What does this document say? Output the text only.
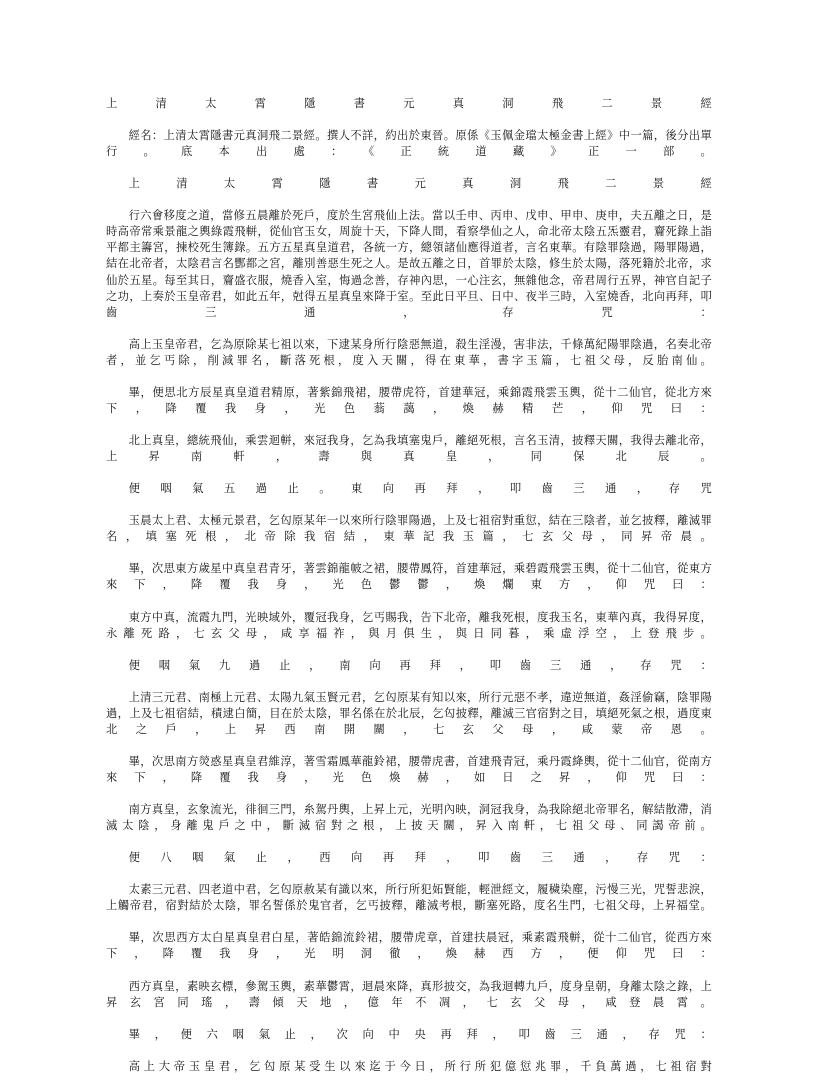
上清太霄隱書元真洞飛二景經

經名：上清太霄隱書元真洞飛二景經。撰人不詳，約出於東晉。原係《玉佩金璫太極金書上經》中一篇，後分出單行。底本出處：《正統道藏》正一部。

上清太霄隱書元真洞飛二景經

行六會移度之道，當修五晨離於死戶，度於生宮飛仙上法。當以壬申、丙申、戊申、甲申、庚申，夫五離之日，是時高帝常乘景龍之輿綠霞飛軿，從仙官玉女，周旋十天，下降人間，看察學仙之人，命北帝太陰五炁靈君，齎死錄上詣平都主籌宮，揀校死生簿錄。五方五星真皇道君，各統一方，總領諸仙應得道者，言名東華。有陰罪陰過，陽罪陽過，結在北帝者，太陰君言名酆都之宮，離別善惡生死之人。是故五離之日，首罪於太陰，修生於太陽，落死籍於北帝，求仙於五星。每至其日，齎盛衣服，燒香入室，悔過念善，存神內思，一心注玄，無雜他念，帝君周行五界，神官自記子之功，上奏於玉皇帝君，如此五年，尅得五星真皇來降于室。至此日平旦、日中、夜半三時，入室燒香，北向再拜，叩齒三通，存咒：

高上玉皇帝君，乞為原除某七祖以來，下逮某身所行陰惡無道，殺生淫漫，害非法，千條萬紀陽罪陰過，名奏北帝者，並乞丐除，削減罪名，斷落死根，度入天關，得在東華，書字玉篇，七祖父母，反胎南仙。

畢，便思北方辰星真皇道君精原，著紫錦飛裙，腰帶虎符，首建華冠，乘錦霞飛雲玉輿，從十二仙官，從北方來下，降覆我身，光色蓊藹，煥赫精芒，仰咒曰：

北上真皇，總統飛仙，乘雲迴軿，來冠我身，乞為我填塞鬼戶，離絕死根，言名玉清，披釋天關，我得去離北帝，上昇南軒，壽與真皇，同保北辰。

便咽氣五過止。東向再拜，叩齒三通，存咒

玉晨太上君、太極元景君，乞匃原某年一以來所行陰罪陽過，上及七祖宿對重愆，結在三陰者，並乞披釋，離滅罪名，填塞死根，北帝除我宿結，東華記我玉篇，七玄父母，同昇帝晨。

畢，次思東方歲星中真皇君青牙，著雲錦龍帔之裙，腰帶鳳符，首建華冠，乘碧霞飛雲玉輿，從十二仙官，從東方來下，降覆我身，光色鬱鬱，煥爛東方，仰咒曰：

東方中真，流霞九門，光映域外，覆冠我身，乞丐賜我，告下北帝，離我死根，度我玉名，東華內真，我得昇度，永離死路，七玄父母，咸享福祚，與月俱生，與日同暮，乘虛浮空，上登飛步。

便咽氣九過止，南向再拜，叩齒三通，存咒：

上清三元君、南極上元君、太陽九氣玉賢元君，乞匃原某有知以來，所行元惡不孝，違逆無道，姦淫偷竊，陰罪陽過，上及七祖宿結，積逮白簡，目在於太陰，罪名係在於北辰，乞匃披釋，離滅三官宿對之目，填絕死氣之根，過度東北之戶，上昇西南開關，七玄父母，咸蒙帝恩。

畢，次思南方熒惑星真皇君維淳，著雪霜鳳華龍鈴裙，腰帶虎書，首建飛青冠，乘丹霞絳輿，從十二仙官，從南方來下，降覆我身，光色煥赫，如日之昇，仰咒曰：

南方真皇，玄象流光，徘徊三門，糸駕丹輿，上昇上元，光明內映，洞冠我身，為我除絕北帝罪名，解結散滯，消滅太陰，身離鬼戶之中，斷滅宿對之根，上披天關，昇入南軒，七祖父母、同謁帝前。

便八咽氣止，西向再拜，叩齒三通，存咒：

太素三元君、四老道中君，乞匃原赦某有識以來，所行所犯妬賢能，輕泄經文，履穢染塵，污慢三光，咒誓悲淚，上觸帝君，宿對結於太陰，罪名誓係於鬼官者，乞丐披釋，離滅考根，斷塞死路，度名生門，七祖父母，上昇福堂。

畢，次思西方太白星真皇君白星，著皓錦流鈴裙，腰帶虎章，首建扶晨冠，乘素霞飛軿，從十二仙官，從西方來下，降覆我身，光明洞徹，煥赫西方，便仰咒曰：

西方真皇，素映玄標，參駕玉輿，素華鬱霄，迴晨來降，真形披交，為我迴轉九戶，度身皇朝，身離太陰之錄，上昇玄宮同瑤，壽傾天地，億年不凋，七玄父母，咸登晨霄。

畢，便六咽氣止，次向中央再拜，叩齒三通，存咒：

高上大帝玉皇君，乞匃原某受生以來迄于今日，所行所犯億愆兆罪，千負萬過，七祖宿對
